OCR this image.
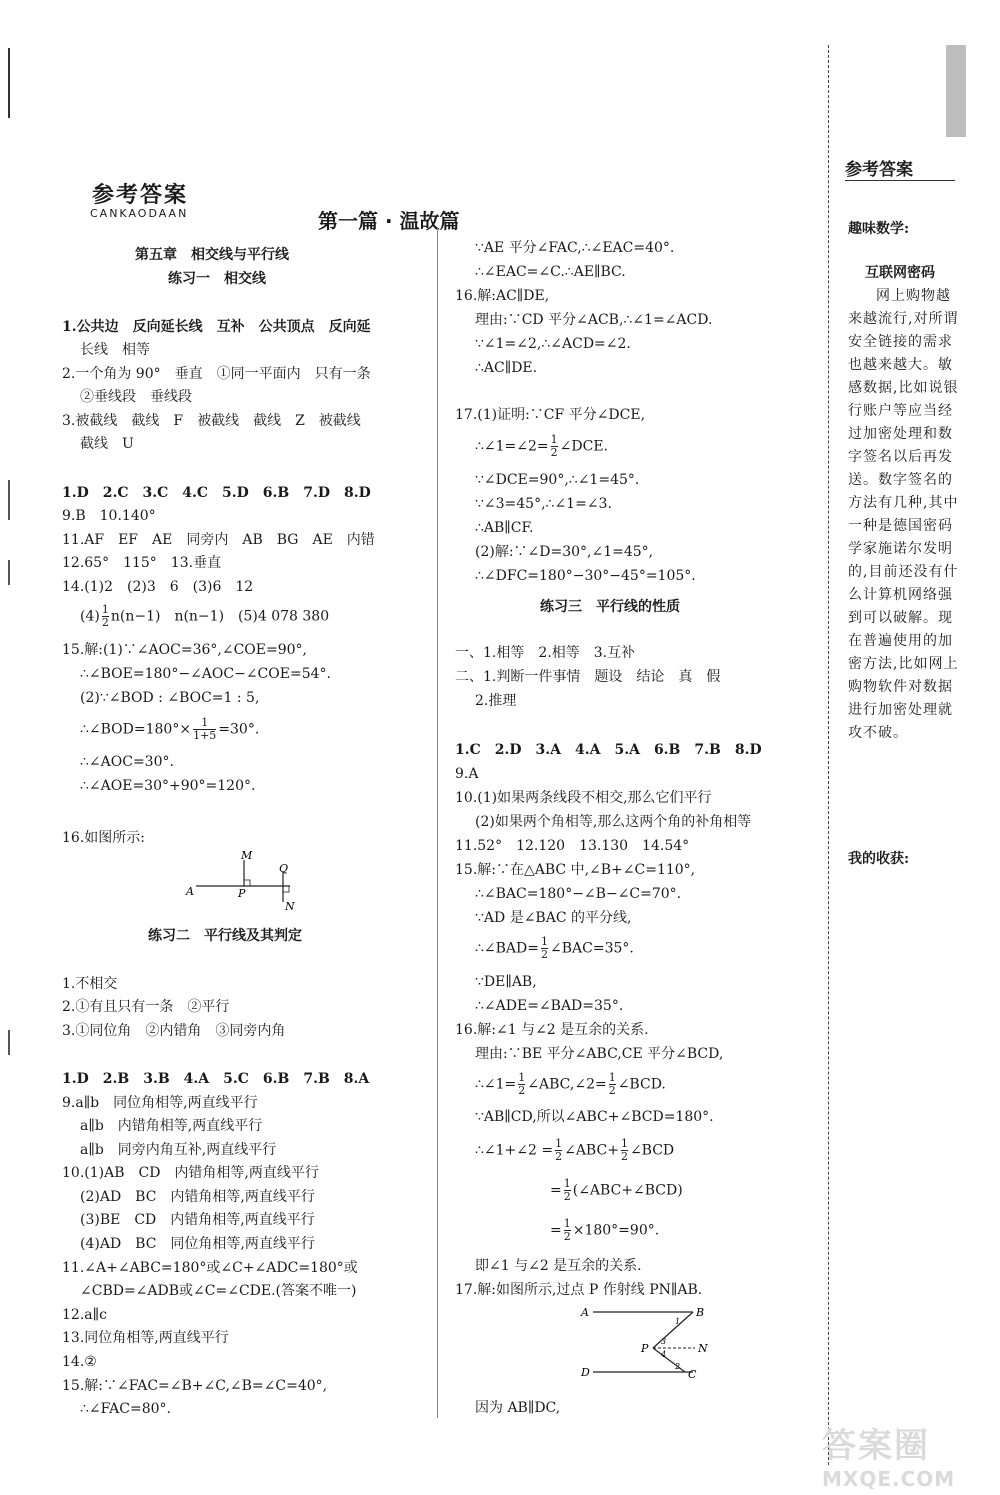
参考答案
CANKAODAAN	第一篇 · 温故篇
第五章　相交线与平行线
练习一　相交线
1.公共边　反向延长线　互补　公共顶点　反向延
长线　相等
2.一个角为 90°　垂直　①同一平面内　只有一条
②垂线段　垂线段
3.被截线　截线　F　被截线　截线　Z　被截线
截线　U
1.D　2.C　3.C　4.C　5.D　6.B　7.D　8.D
9.B　10.140°
11.AF　EF　AE　同旁内　AB　BG　AE　内错
12.65°　115°　13.垂直
14.(1)2　(2)3　6　(3)6　12
$(4) \frac{1}{2} n(n-1)$　n(n−1)　(5)4 078 380
15.解:(1)∵∠AOC=36°,∠COE=90°,
∴∠BOE=180°−∠AOC−∠COE=54°.
(2)∵∠BOD : ∠BOC=1 : 5,
∴∠BOD=180°× $\frac{1}{1+5} =30^\circ$.
∴∠AOC=30°.
∴∠AOE=30°+90°=120°.
16.如图所示:
A	P
M
Q
N
练习二　平行线及其判定
1.不相交
2.①有且只有一条　②平行
3.①同位角　②内错角　③同旁内角
1.D　2.B　3.B　4.A　5.C　6.B　7.B　8.A
9.a∥b　同位角相等,两直线平行
a∥b　内错角相等,两直线平行
a∥b　同旁内角互补,两直线平行
10.(1)AB　CD　内错角相等,两直线平行
(2)AD　BC　内错角相等,两直线平行
(3)BE　CD　内错角相等,两直线平行
(4)AD　BC　同位角相等,两直线平行
11.∠A+∠ABC=180°或∠C+∠ADC=180°或
∠CBD=∠ADB或∠C=∠CDE.(答案不唯一)
12.a∥c
13.同位角相等,两直线平行
14.②
15.解:∵∠FAC=∠B+∠C,∠B=∠C=40°,
∴∠FAC=80°.
∵AE 平分∠FAC,∴∠EAC=40°.
∴∠EAC=∠C.∴AE∥BC.
16.解:AC∥DE,
理由:∵CD 平分∠ACB,∴∠1=∠ACD.
∵∠1=∠2,∴∠ACD=∠2.
∴AC∥DE.
17.(1)证明:∵CF 平分∠DCE,
∴∠1=∠2= $\frac{1}{2}$ ∠DCE.
∵∠DCE=90°,∴∠1=45°.
∵∠3=45°,∴∠1=∠3.
∴AB∥CF.
(2)解:∵∠D=30°,∠1=45°,
∴∠DFC=180°−30°−45°=105°.
练习三　平行线的性质
一、1.相等　2.相等　3.互补
二、1.判断一件事情　题设　结论　真　假
2.推理
1.C　2.D　3.A　4.A　5.A　6.B　7.B　8.D
9.A
10.(1)如果两条线段不相交,那么它们平行
(2)如果两个角相等,那么这两个角的补角相等
11.52°　12.120　13.130　14.54°
15.解:∵在△ABC 中,∠B+∠C=110°,
∴∠BAC=180°−∠B−∠C=70°.
∵AD 是∠BAC 的平分线,
∴∠BAD= $\frac{1}{2}$ ∠BAC=35°.
∵DE∥AB,
∴∠ADE=∠BAD=35°.
16.解:∠1 与∠2 是互余的关系.
理由:∵BE 平分∠ABC,CE 平分∠BCD,
∴∠1= $\frac{1}{2}$ ∠ABC,∠2= $\frac{1}{2}$ ∠BCD.
∵AB∥CD,所以∠ABC+∠BCD=180°.
∴∠1+∠2 = $\frac{1}{2}$ ∠ABC+ $\frac{1}{2}$ ∠BCD
= $\frac{1}{2}$ (∠ABC+∠BCD)
= $\frac{1}{2} \times 180^\circ=90^\circ$.
即∠1 与∠2 是互余的关系.
17.解:如图所示,过点 P 作射线 PN∥AB.
A	B
P	N
D	C
1
3
4
2
因为 AB∥DC,
参考答案
趣味数学:
互联网密码
网上购物越来越流行,对所谓安全链接的需求也越来越大。敏感数据,比如说银行账户等应当经过加密处理和数字签名以后再发送。数字签名的方法有几种,其中一种是德国密码学家施诺尔发明的,目前还没有什么计算机网络强到可以破解。现在普遍使用的加密方法,比如网上购物软件对数据进行加密处理就攻不破。
我的收获:
答案圈
MXQE.COM
